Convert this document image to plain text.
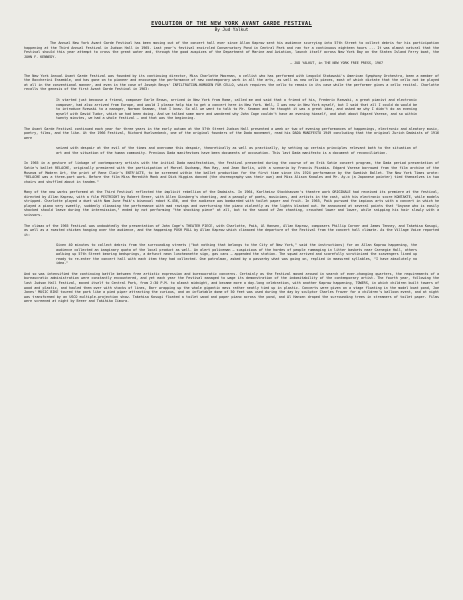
EVOLUTION OF THE NEW YORK AVANT GARDE FESTIVAL
By Jud Yalkut

The Annual New York Avant Garde Festival has been moving out of the concert hall ever since Allan Kaprow sent his audience scurrying into 57th Street to collect debris for his participation happening at the Third Annual Festival in Judson Hall in 1965. Last year's festival encircled Conservatory Pond in Central Park and ran for a continuous eighteen hours ... It was almost natural that the Festival should this year attempt to cross the great water and, through the good auspices of the Department of Marine and Aviation, launch itself across New York Bay on the Staten Island Ferry boat, the JOHN F. KENNEDY.

— JUD YALKUT, in THE NEW YORK FREE PRESS, 1967

The New York Annual Avant Garde Festival was founded by its continuing director, Miss Charlotte Moorman, a cellist who has performed with Leopold Stokowski's American Symphony Orchestra, been a member of the Boccherini Ensemble, and has gone on to pioneer and encourage the performance of new contemporary work in all the arts, as well as new cello pieces, most of which dictate that the cello not be played at all in the conventional manner, and even in the case of Joseph Beuys' INFILTRATION-HOMOGEN FÜR CELLO, which requires the cello to remain in its case while the performer gives a cello recital. Charlotte recalls the genesis of the first Avant Garde Festival in 1963:

It started just because a friend, composer Earle Brown, arrived in New York from Rome, called me and said that a friend of his, Frederic Rzewski, a great pianist and electronic composer, had also arrived from Europe, and would I please help him to get a concert here in New York. Well, I was new in New York myself, but I said that all I could do would be to introduce Rzewski to a manager, Norman Seaman, that I knew. So all we went to talk to Mr. Seaman and he thought it was a great idea, and asked me why I didn't do an evening myself with David Tudor, which we had been doing. And we talked some more and wondered why John Cage couldn't have an evening himself, and what about Edgard Varese, and so within twenty minutes, we had a whole festival — and that was the beginning.

The Avant Garde Festival continued each year for three years in the early autumn at the 57th Street Judson Hall presented a week or two of evening performances of happenings, electronic and aleatory music, poetry, films, and the like. At the 1966 Festival, Richard Huelsenbeck, one of the original founders of the Dada movement, read his DADA MANIFESTO 1949 concluding that the original Zurich Dadaists of 1916 were

seized with despair at the evil of the times and overcame this despair, theoretically as well as practically, by setting up certain principles relevant both to the situation of art and the situation of the human community. Previous Dada manifestoes have been documents of accusation. This last Dada manifesto is a document of reconciliation.

In 1965 in a gesture of linkage of contemporary artists with the initial Dada manifestation, the Festival presented during the course of an Erik Satie concert program, the Dada period presentation of Satie's ballet RELACHE, originally premiered with the participation of Marcel Duchamp, Man Ray, and Jean Borlin, with a scenario by Francis Picabia. Edgard Varese borrowed from the film archive of the Museum of Modern Art, the print of Rene Clair's ENTR'ACTE, to be screened within the ballet production for the first time since its 1924 performance by the Swedish Ballet. The New York Times wrote: "RELACHE was a three-part work. Before the film Miss Meredith Monk and Dick Higgins danced (the choreography was their own) and Miss Alison Knowles and Mr. Ay-o (a Japanese painter) tied themselves in two chairs and shuffled about in tandem."

Many of the new works performed at the Third Festival reflected the implicit rebellion of the Dadaists. In 1964, Karlheinz Stockhausen's theatre work ORIGINALE had received its premiere at the festival, directed by Allan Kaprow, with a film PESTRIGHT by Robert Breer, with Allen Ginsberg's chanting, and a panoply of poets, musicians, and artists in the cast, with his electronic score KONTAKTE, while models stripped. Charlotte played a duet with Nam June Paik's bisexual robot K-456, and the audience was bombarded with toilet paper and fruit. In 1965, Paik pursued the impious arts with a concert in which he played a piano very sweetly, suddenly climaxing the performance with mad ravings and overturning the piano violently as the lights blacked out. He announced at several points that "Anyone who is easily shocked should leave during the intermission," ended by not performing "the shocking piece" at all, but to the sound of Zen chanting, crouched lower and lower, while snipping his hair slowly with a scissors.

The climax of the 1965 Festival was undoubtedly the presentation of John Cage's THEATER PIECE, with Charlotte, Paik, Al Hansen, Allan Kaprow, composers Phillip Corner and James Tenney, and Takehisa Kosugi, as well as a roasted chicken hanging over the audience, and the happening PUSH PULL by Allan Kaprow which climaxed the departure of the Festival from the concert hall climate. As the Village Voice reported it:

Given 40 minutes to collect debris from the surrounding streets ("but nothing that belongs to the City of New York," said the instructions) for an Allan Kaprow happening, the audience collected an imaginary quota of the local product as well. An alert policeman — suspicious of the hordes of people rummaging in litter baskets near Carnegie Hall, others walking up 57th Street bearing bedsprings, a defunct neon luncheonette sign, gas cans — appended the station. The squad arrived and scarefully scrutinized the scavengers lined up ready to re-enter the concert hall with each item they had collected. One patrolman, asked by a passerby what was going on, replied in measured syllables, "I have absolutely no idea."

And so was intensified the continuing battle between free artistic expression and bureaucratic concerns. Certainly as the Festival moved around in search of ever-changing quarters, the requirements of a bureaucratic administration were constantly encountered, and yet each year the Festival managed to wage its demonstration of the indomitability of the contemporary artist. The fourth year, following the last Judson Hall Festival, moved itself to Central Park, from 2:30 P.M. to almost midnight, and became more a day-long celebration, with another Kaprow happening, TOWERS, in which children built towers of wood and plastic, and hauled them over with stacks of lines, Barr wrapping up the whole gigantic mess rather neatly tied up in plastic. Concerts were given on a stage floating in the model boat pond, Joe Jones' MUSIC BIKE toured the park like a pied piper attracting the curious, and an inflatable dome of 50 feet was used during the day by sculptor Charles Frazer for a children's balloon event, and at night was transformed by an USCO multiple-projection show. Takehisa Kosugi floated a toilet wood and paper piano across the pond, and Al Hansen draped the surrounding trees in streamers of toilet paper. Films were screened at night by Breer and Takihiko Iimura.
